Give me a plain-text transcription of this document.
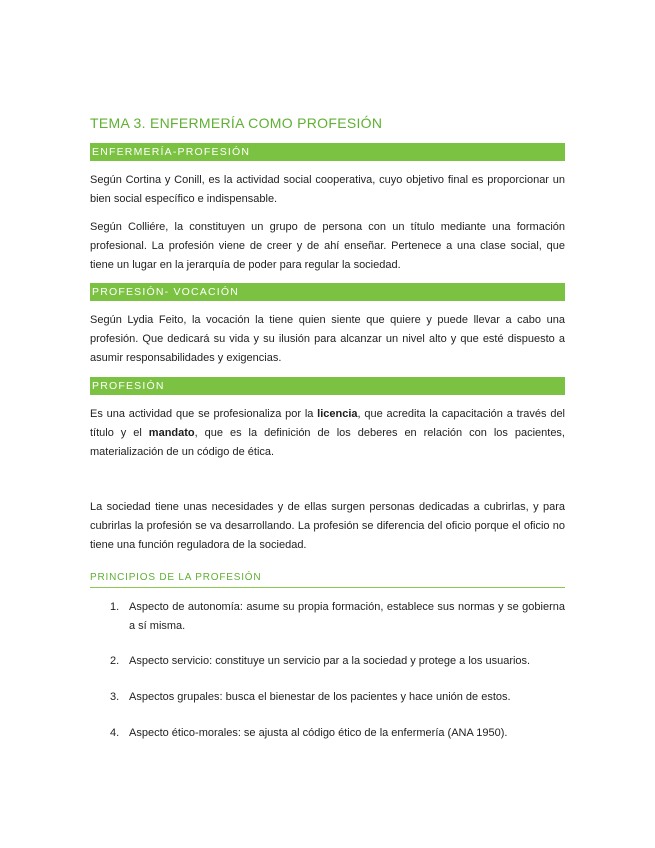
TEMA 3. ENFERMERÍA COMO PROFESIÓN
ENFERMERÍA-PROFESIÓN
Según Cortina y Conill, es la actividad social cooperativa, cuyo objetivo final es proporcionar un bien social específico e indispensable.
Según Colliére, la constituyen un grupo de persona con un título mediante una formación profesional. La profesión viene de creer y de ahí enseñar. Pertenece a una clase social, que tiene un lugar en la jerarquía de poder para regular la sociedad.
PROFESIÓN- VOCACIÓN
Según Lydia Feito, la vocación la tiene quien siente que quiere y puede llevar a cabo una profesión. Que dedicará su vida y su ilusión para alcanzar un nivel alto y que esté dispuesto a asumir responsabilidades y exigencias.
PROFESIÓN
Es una actividad que se profesionaliza por la licencia, que acredita la capacitación a través del título y el mandato, que es la definición de los deberes en relación con los pacientes, materialización de un código de ética.
La sociedad tiene unas necesidades y de ellas surgen personas dedicadas a cubrirlas, y para cubrirlas la profesión se va desarrollando. La profesión se diferencia del oficio porque el oficio no tiene una función reguladora de la sociedad.
PRINCIPIOS DE LA PROFESIÓN
1. Aspecto de autonomía: asume su propia formación, establece sus normas y se gobierna a sí misma.
2. Aspecto servicio: constituye un servicio par a la sociedad y protege a los usuarios.
3. Aspectos grupales: busca el bienestar de los pacientes y hace unión de estos.
4. Aspecto ético-morales: se ajusta al código ético de la enfermería (ANA 1950).
